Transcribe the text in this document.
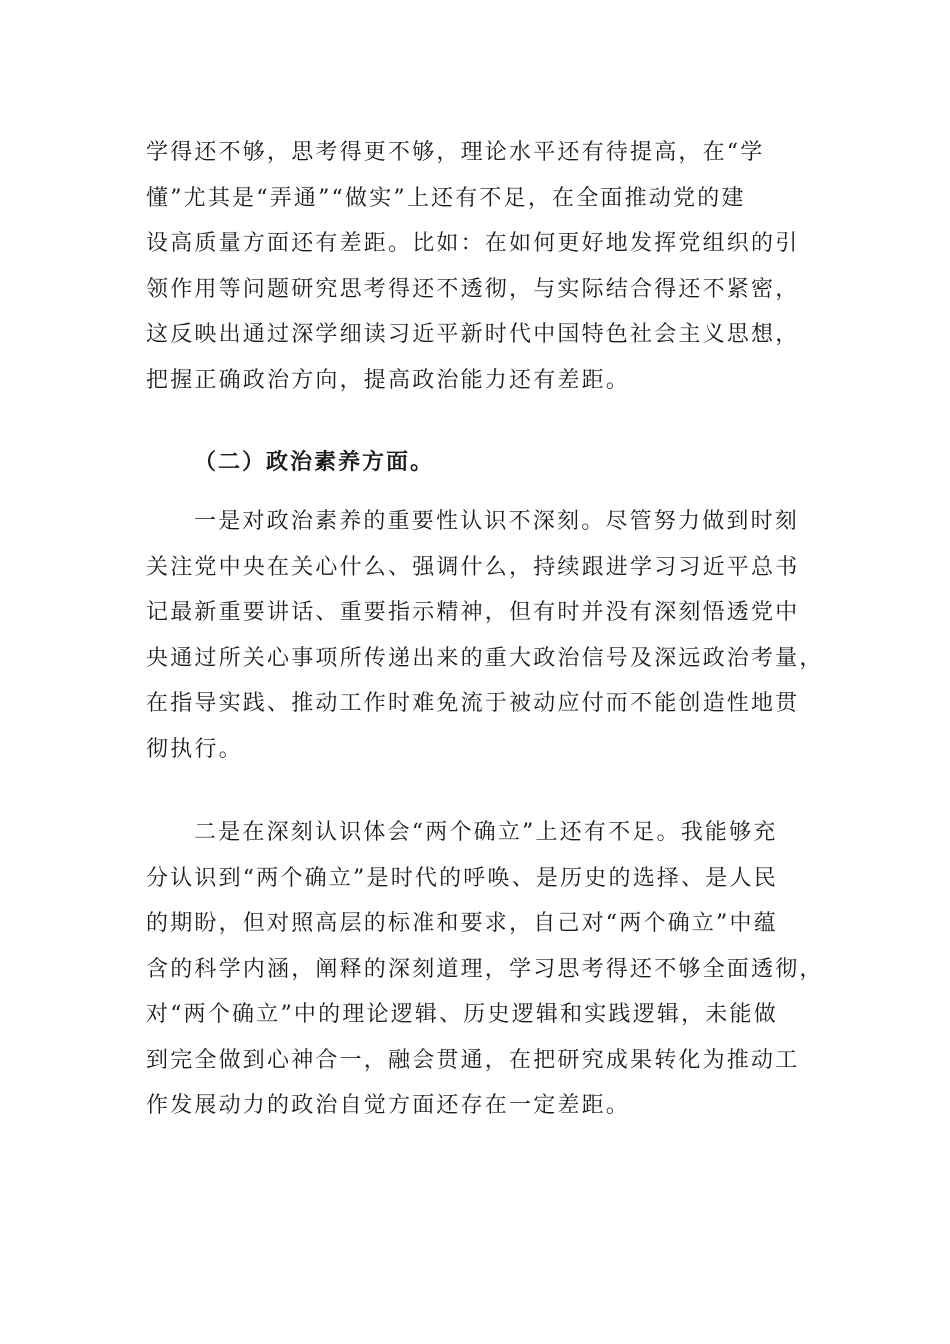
学得还不够，思考得更不够，理论水平还有待提高，在“学
懂”尤其是“弄通”“做实”上还有不足，在全面推动党的建
设高质量方面还有差距。比如：在如何更好地发挥党组织的引
领作用等问题研究思考得还不透彻，与实际结合得还不紧密，
这反映出通过深学细读习近平新时代中国特色社会主义思想，
把握正确政治方向，提高政治能力还有差距。
（二）政治素养方面。
一是对政治素养的重要性认识不深刻。尽管努力做到时刻
关注党中央在关心什么、强调什么，持续跟进学习习近平总书
记最新重要讲话、重要指示精神，但有时并没有深刻悟透党中
央通过所关心事项所传递出来的重大政治信号及深远政治考量，
在指导实践、推动工作时难免流于被动应付而不能创造性地贯
彻执行。
二是在深刻认识体会“两个确立”上还有不足。我能够充
分认识到“两个确立”是时代的呼唤、是历史的选择、是人民
的期盼，但对照高层的标准和要求，自己对“两个确立”中蕴
含的科学内涵，阐释的深刻道理，学习思考得还不够全面透彻，
对“两个确立”中的理论逻辑、历史逻辑和实践逻辑，未能做
到完全做到心神合一，融会贯通，在把研究成果转化为推动工
作发展动力的政治自觉方面还存在一定差距。
